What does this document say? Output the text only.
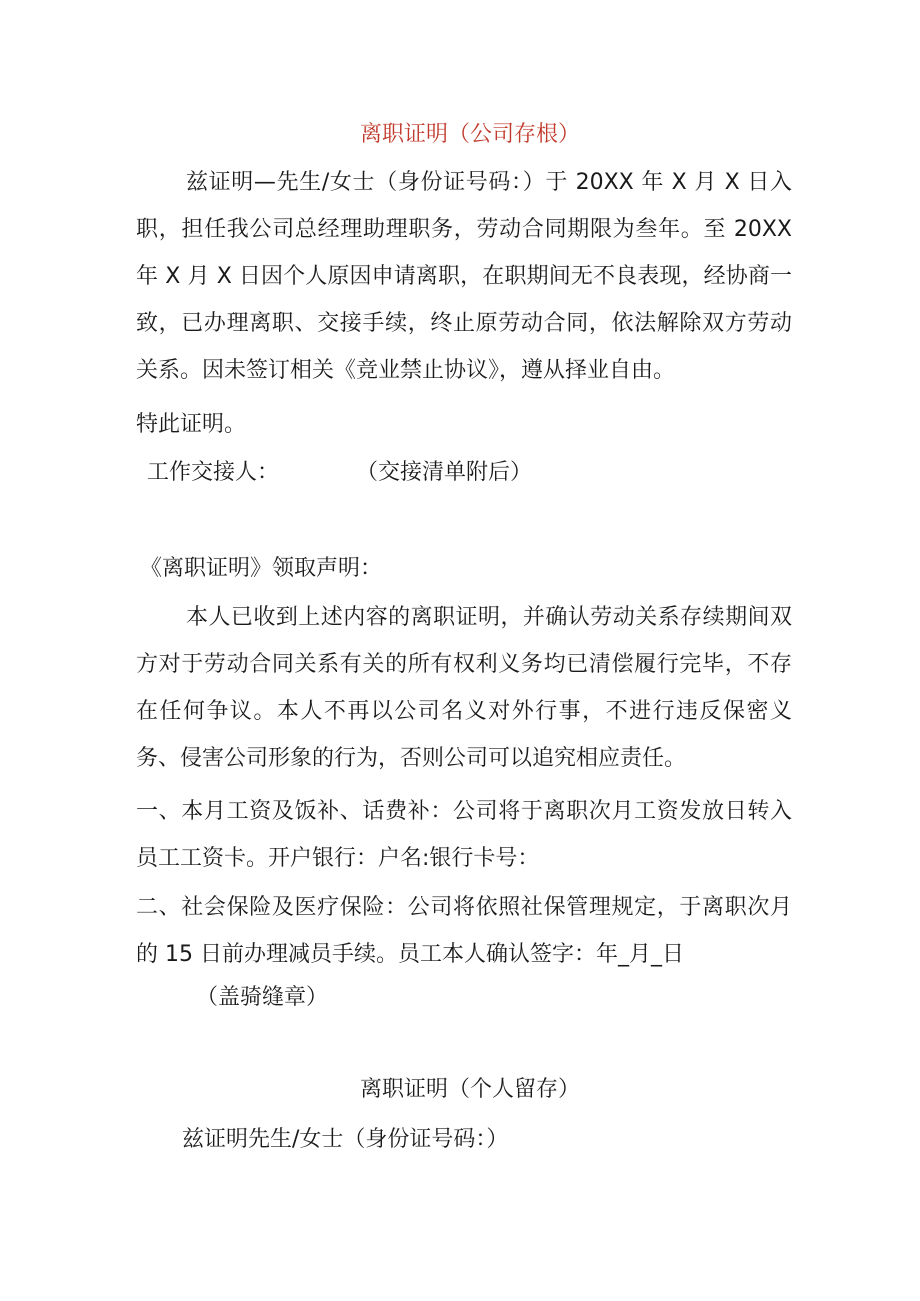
离职证明（公司存根）
兹证明—先生/女士（身份证号码：）于 20XX 年 X 月 X 日入职，担任我公司总经理助理职务，劳动合同期限为叁年。至 20XX 年 X 月 X 日因个人原因申请离职，在职期间无不良表现，经协商一致，已办理离职、交接手续，终止原劳动合同，依法解除双方劳动关系。因未签订相关《竞业禁止协议》，遵从择业自由。
特此证明。
工作交接人：	（交接清单附后）
《离职证明》领取声明：
本人已收到上述内容的离职证明，并确认劳动关系存续期间双方对于劳动合同关系有关的所有权利义务均已清偿履行完毕，不存在任何争议。本人不再以公司名义对外行事，不进行违反保密义务、侵害公司形象的行为，否则公司可以追究相应责任。
一、本月工资及饭补、话费补：公司将于离职次月工资发放日转入员工工资卡。开户银行：户名:银行卡号：
二、社会保险及医疗保险：公司将依照社保管理规定，于离职次月的 15 日前办理减员手续。员工本人确认签字：年_月_日
（盖骑缝章）
离职证明（个人留存）
兹证明先生/女士（身份证号码：）
